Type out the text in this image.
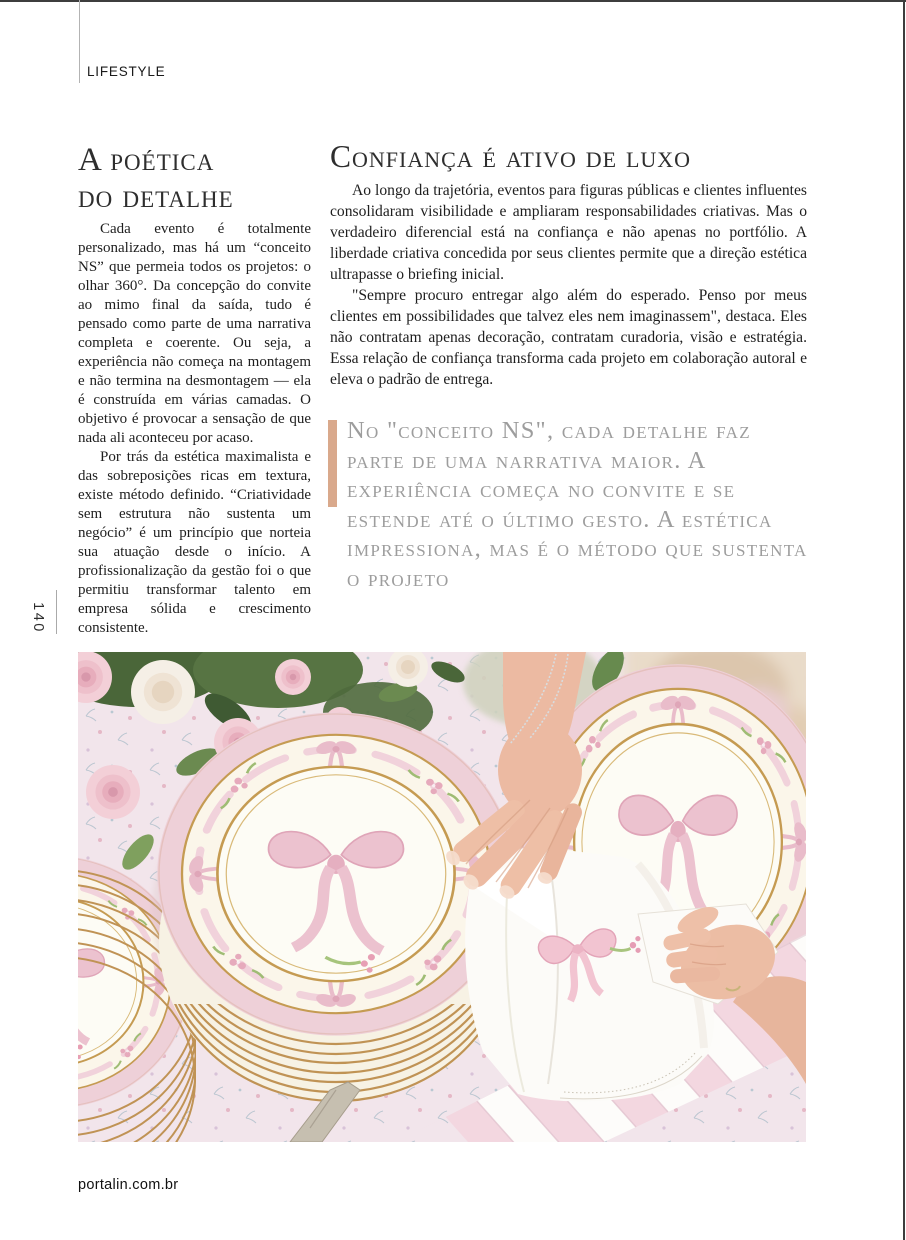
LIFESTYLE
A poética
do detalhe

Cada evento é totalmente personalizado, mas há um “conceito NS” que permeia todos os projetos: o olhar 360°. Da concepção do convite ao mimo final da saída, tudo é pensado como parte de uma narrativa completa e coerente. Ou seja, a experiência não começa na montagem e não termina na desmontagem — ela é construída em várias camadas. O objetivo é provocar a sensação de que nada ali aconteceu por acaso.

Por trás da estética maximalista e das sobreposições ricas em textura, existe método definido. “Criatividade sem estrutura não sustenta um negócio” é um princípio que norteia sua atuação desde o início. A profissionalização da gestão foi o que permitiu transformar talento em empresa sólida e crescimento consistente.

Confiança é ativo de luxo

Ao longo da trajetória, eventos para figuras públicas e clientes influentes consolidaram visibilidade e ampliaram responsabilidades criativas. Mas o verdadeiro diferencial está na confiança e não apenas no portfólio. A liberdade criativa concedida por seus clientes permite que a direção estética ultrapasse o briefing inicial.

"Sempre procuro entregar algo além do esperado. Penso por meus clientes em possibilidades que talvez eles nem imaginassem", destaca. Eles não contratam apenas decoração, contratam curadoria, visão e estratégia. Essa relação de confiança transforma cada projeto em colaboração autoral e eleva o padrão de entrega.

No "conceito NS", cada detalhe faz parte de uma narrativa maior. A experiência começa no convite e se estende até o último gesto. A estética impressiona, mas é o método que sustenta o projeto
140
portalin.com.br
